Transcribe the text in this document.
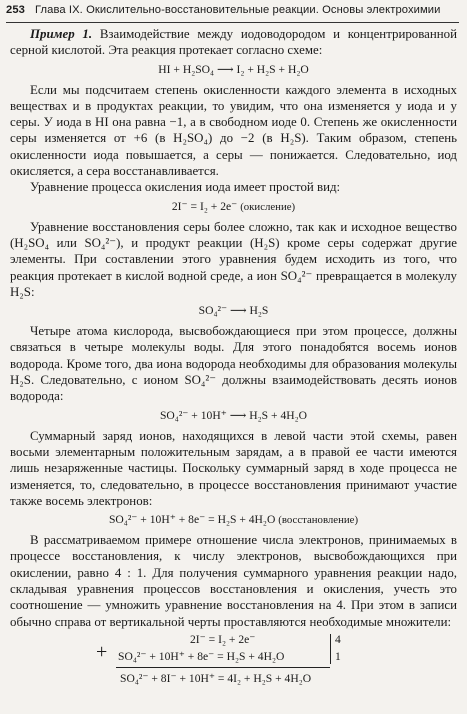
253 Глава IX. Окислительно-восстановительные реакции. Основы электрохимии

Пример 1. Взаимодействие между иодоводородом и концентрированной серной кислотой. Эта реакция протекает согласно схеме:

HI + H₂SO₄ ⟶ I₂ + H₂S + H₂O

Если мы подсчитаем степень окисленности каждого элемента в исходных веществах и в продуктах реакции, то увидим, что она изменяется у иода и у серы. У иода в HI она равна −1, а в свободном иоде 0. Степень же окисленности серы изменяется от +6 (в H₂SO₄) до −2 (в H₂S). Таким образом, степень окисленности иода повышается, а серы — понижается. Следовательно, иод окисляется, а сера восстанавливается.

Уравнение процесса окисления иода имеет простой вид:

2I⁻ = I₂ + 2e⁻ (окисление)

Уравнение восстановления серы более сложно, так как и исходное вещество (H₂SO₄ или SO₄²⁻), и продукт реакции (H₂S) кроме серы содержат другие элементы. При составлении этого уравнения будем исходить из того, что реакция протекает в кислой водной среде, а ион SO₄²⁻ превращается в молекулу H₂S:

SO₄²⁻ ⟶ H₂S

Четыре атома кислорода, высвобождающиеся при этом процессе, должны связаться в четыре молекулы воды. Для этого понадобятся восемь ионов водорода. Кроме того, два иона водорода необходимы для образования молекулы H₂S. Следовательно, с ионом SO₄²⁻ должны взаимодействовать десять ионов водорода:

SO₄²⁻ + 10H⁺ ⟶ H₂S + 4H₂O

Суммарный заряд ионов, находящихся в левой части этой схемы, равен восьми элементарным положительным зарядам, а в правой ее части имеются лишь незаряженные частицы. Поскольку суммарный заряд в ходе процесса не изменяется, то, следовательно, в процессе восстановления принимают участие также восемь электронов:

SO₄²⁻ + 10H⁺ + 8e⁻ = H₂S + 4H₂O (восстановление)

В рассматриваемом примере отношение числа электронов, принимаемых в процессе восстановления, к числу электронов, высвобождающихся при окислении, равно 4 : 1. Для получения суммарного уравнения реакции надо, складывая уравнения процессов восстановления и окисления, учесть это соотношение — умножить уравнение восстановления на 4. При этом в записи обычно справа от вертикальной черты проставляются необходимые множители:

+
2I⁻ = I₂ + 2e⁻
SO₄²⁻ + 10H⁺ + 8e⁻ = H₂S + 4H₂O
4
1
SO₄²⁻ + 8I⁻ + 10H⁺ = 4I₂ + H₂S + 4H₂O
